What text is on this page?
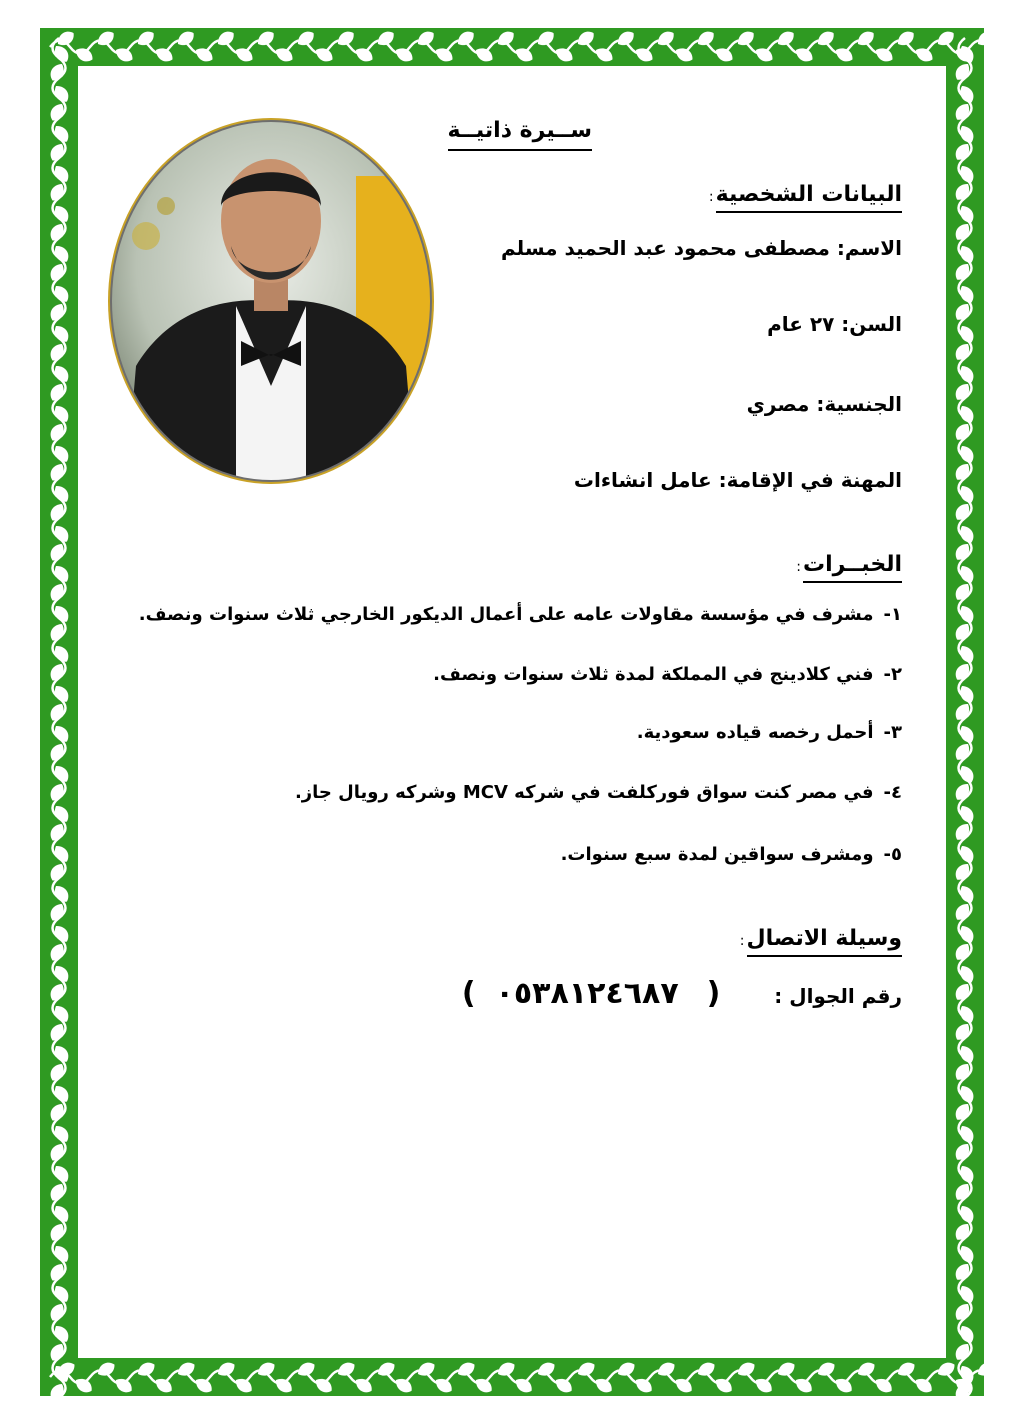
ســيرة ذاتيــة
البيانات الشخصية:
الاسم: مصطفى محمود عبد الحميد مسلم
السن: ٢٧ عام
الجنسية: مصري
المهنة في الإقامة: عامل انشاءات
الخبــرات:
١-مشرف في مؤسسة مقاولات عامه على أعمال الديكور الخارجي ثلاث سنوات ونصف.
٢-فني كلادينج في المملكة لمدة ثلاث سنوات ونصف.
٣-أحمل رخصه قياده سعودية.
٤-في مصر كنت سواق فوركلفت في شركه MCV وشركه رويال جاز.
٥-ومشرف سواقين لمدة سبع سنوات.
وسيلة الاتصال:
رقم الجوال :  (  ٠٥٣٨١٢٤٦٨٧  )
